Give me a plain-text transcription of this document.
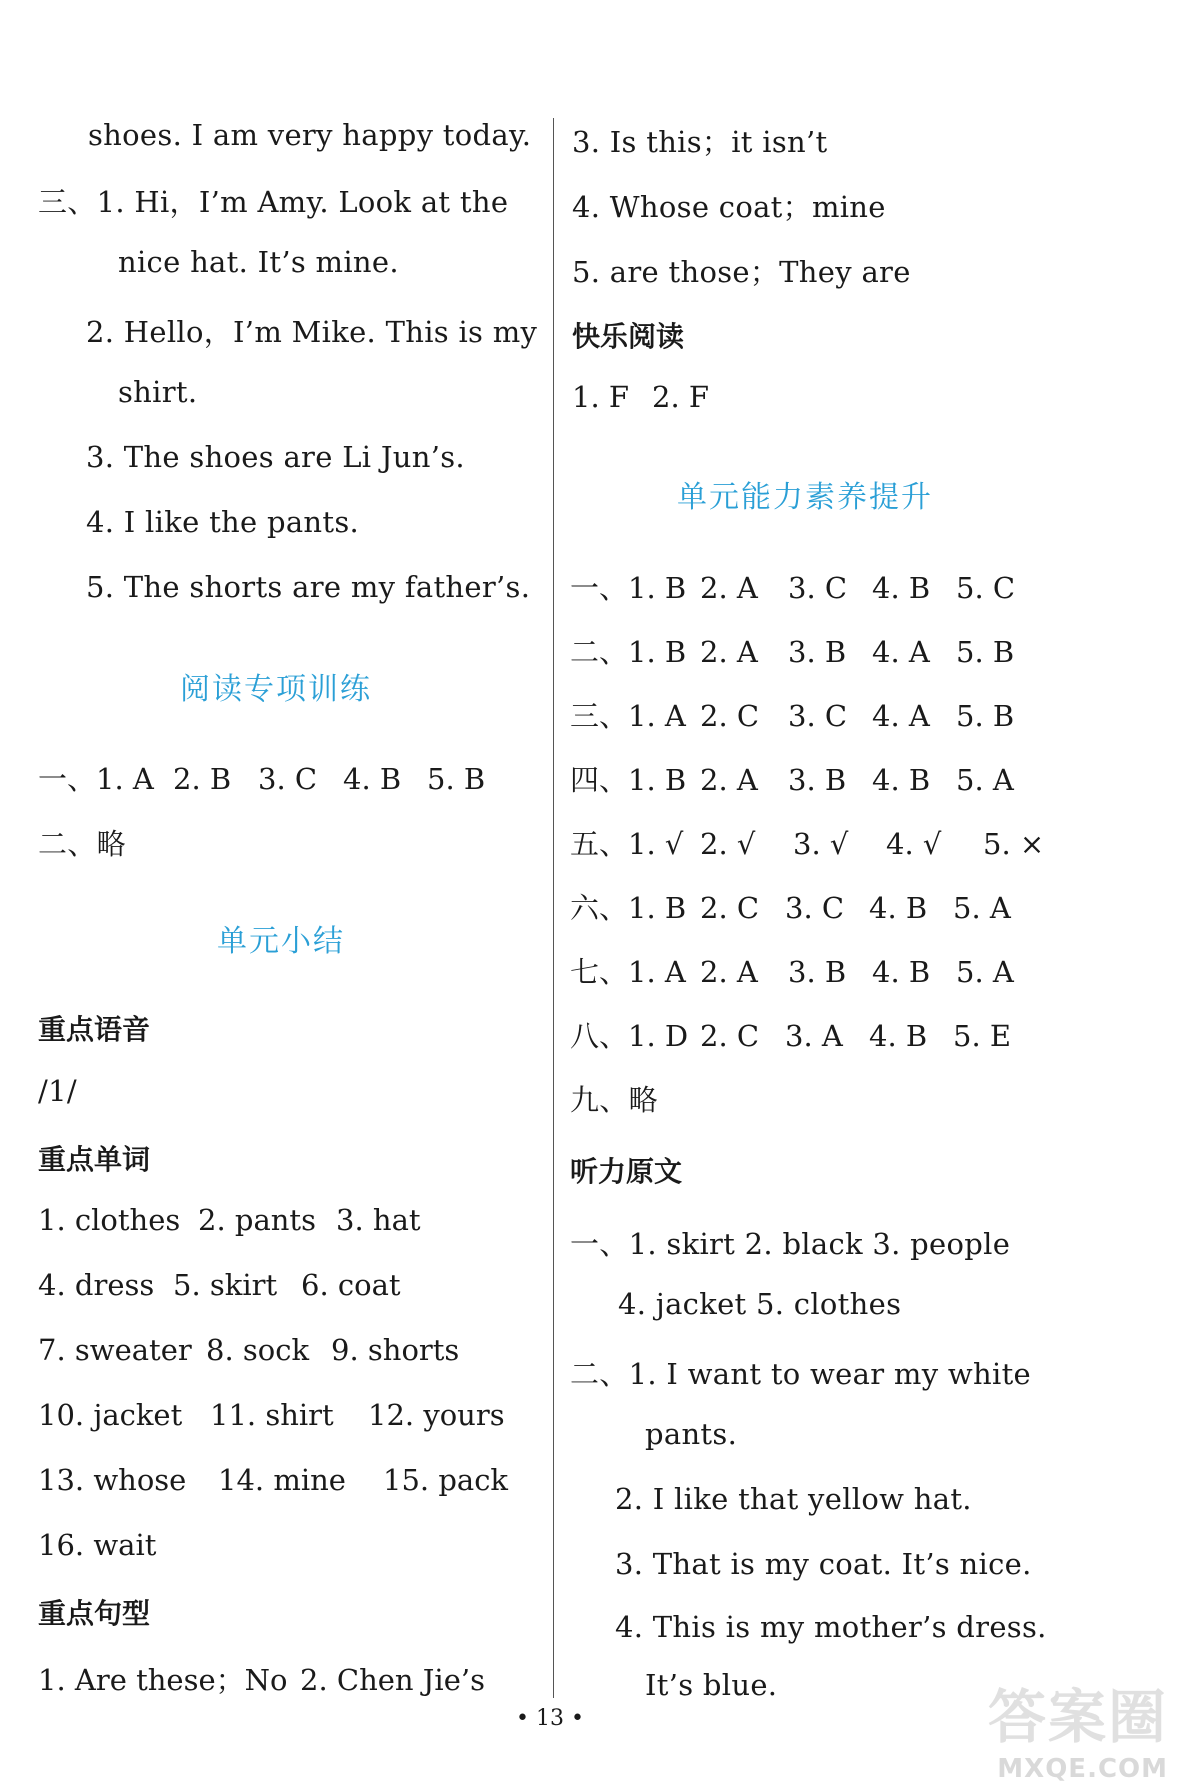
shoes. I am very happy today.
三、1. Hi，I’m Amy. Look at the
nice hat. It’s mine.
2. Hello，I’m Mike. This is my
shirt.
3. The shoes are Li Jun’s.
4. I like the pants.
5. The shorts are my father’s.
阅读专项训练
一、1. A 2. B 3. C 4. B 5. B
二、略
单元小结
重点语音
/1/
重点单词
1. clothes 2. pants 3. hat
4. dress 5. skirt 6. coat
7. sweater 8. sock 9. shorts
10. jacket 11. shirt 12. yours
13. whose 14. mine 15. pack
16. wait
重点句型
1. Are these；No 2. Chen Jie’s
3. Is this；it isn’t
4. Whose coat；mine
5. are those；They are
快乐阅读
1. F 2. F
单元能力素养提升
一、1. B 2. A 3. C 4. B 5. C
二、1. B 2. A 3. B 4. A 5. B
三、1. A 2. C 3. C 4. A 5. B
四、1. B 2. A 3. B 4. B 5. A
五、1. √ 2. √ 3. √ 4. √ 5. ×
六、1. B 2. C 3. C 4. B 5. A
七、1. A 2. A 3. B 4. B 5. A
八、1. D 2. C 3. A 4. B 5. E
九、略
听力原文
一、1. skirt 2. black 3. people
4. jacket 5. clothes
二、1. I want to wear my white
pants.
2. I like that yellow hat.
3. That is my coat. It’s nice.
4. This is my mother’s dress.
It’s blue.
• 13 •	答案圈
MXQE.COM
